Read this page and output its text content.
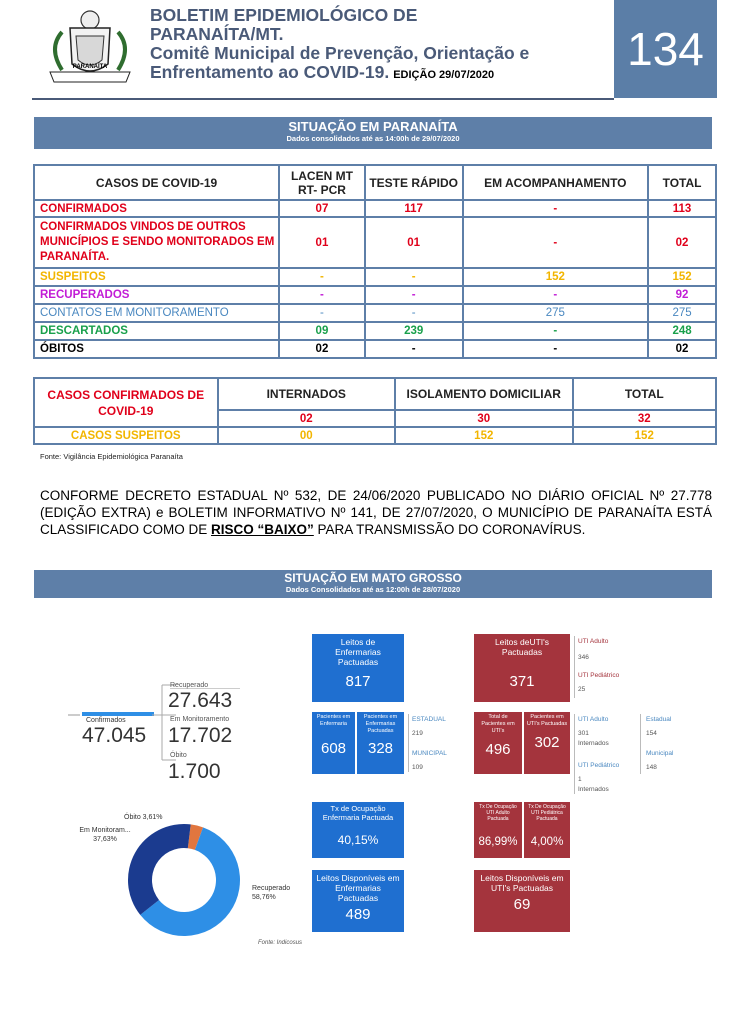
PARANAÍTA
BOLETIM EPIDEMIOLÓGICO DE
PARANAÍTA/MT.
Comitê Municipal de Prevenção, Orientação e
Enfrentamento ao COVID-19. EDIÇÃO 29/07/2020	134
SITUAÇÃO EM PARANAÍTA
Dados consolidados até as 14:00h de 29/07/2020
CASOS DE COVID-19	LACEN MT RT- PCR	TESTE RÁPIDO	EM ACOMPANHAMENTO	TOTAL
CONFIRMADOS	07	117	-	113
CONFIRMADOS VINDOS DE OUTROS MUNICÍPIOS E SENDO MONITORADOS EM PARANAÍTA.	01	01	-	02
SUSPEITOS	-	-	152	152
RECUPERADOS	-	-	-	92
CONTATOS EM MONITORAMENTO	-	-	275	275
DESCARTADOS	09	239	-	248
ÓBITOS	02	-	-	02
CASOS CONFIRMADOS DE COVID-19	INTERNADOS	ISOLAMENTO DOMICILIAR	TOTAL
	02	30	32
CASOS SUSPEITOS	00	152	152
Fonte: Vigilância Epidemiológica Paranaíta
CONFORME DECRETO ESTADUAL Nº 532, DE 24/06/2020 PUBLICADO NO DIÁRIO OFICIAL Nº 27.778 (EDIÇÃO EXTRA) e BOLETIM INFORMATIVO Nº 141, DE 27/07/2020, O MUNICÍPIO DE PARANAÍTA ESTÁ CLASSIFICADO COMO DE RISCO “BAIXO” PARA TRANSMISSÃO DO CORONAVÍRUS.
SITUAÇÃO EM MATO GROSSO
Dados Consolidados até as 12:00h de 28/07/2020
Confirmados
47.045
Recuperado
27.643
Em Monitoramento
17.702
Óbito
1.700
Óbito 3,61%
Em Monitoram...
37,63%
Recuperado
58,76%
Fonte: Indicosus
Leitos de Enfermarias Pactuadas
817
Pacientes em Enfermaria
608
Pacientes em Enfermarias Pactuadas
328
ESTADUAL
219
MUNICIPAL
109
Tx de Ocupação Enfermaria Pactuada
40,15%
Leitos Disponíveis em Enfermarias Pactuadas
489
Leitos deUTI's Pactuadas
371
UTI Adulto
346
UTI Pediátrico
25
Total de Pacientes em UTI's
496
Pacientes em UTI's Pactuadas
302
UTI Adulto
301
Internados
UTI Pediátrico
1
Internados
Estadual
154
Municipal
148
Tx De Ocupação UTI Adulto Pactuada
86,99%
Tx De Ocupação UTI Pediátrica Pactuada
4,00%
Leitos Disponíveis em UTI's Pactuadas
69
